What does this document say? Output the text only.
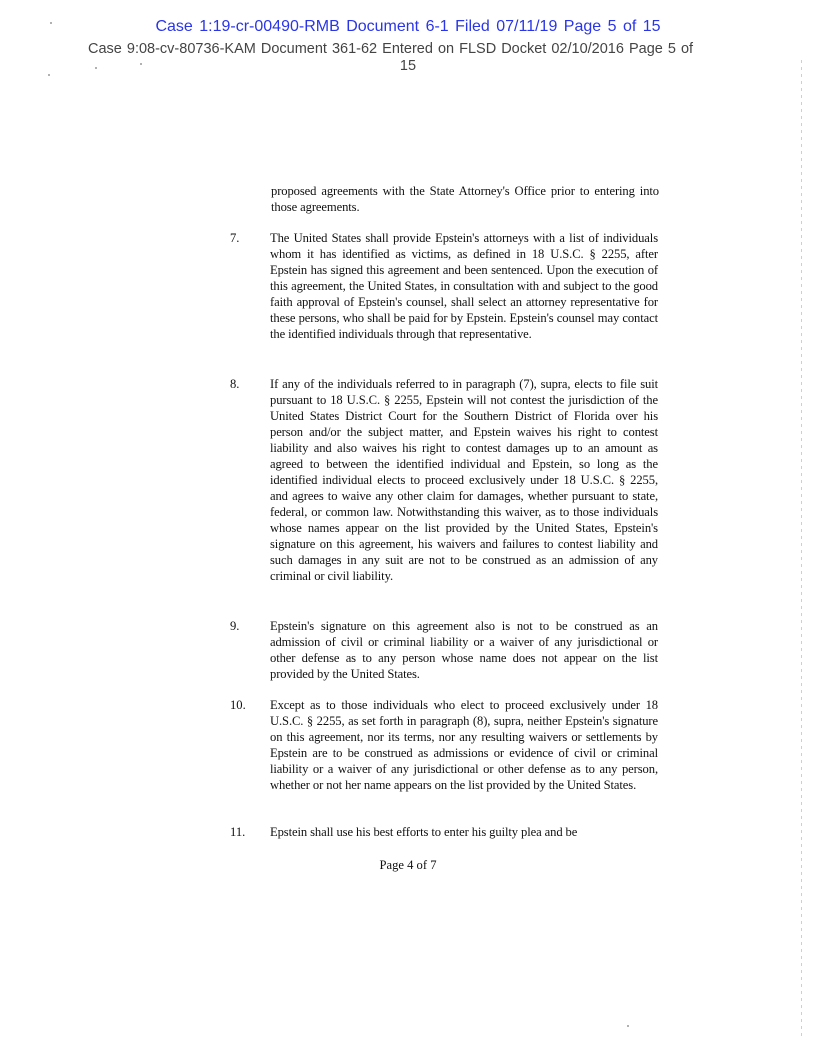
Case 1:19-cr-00490-RMB Document 6-1 Filed 07/11/19 Page 5 of 15
Case 9:08-cv-80736-KAM Document 361-62 Entered on FLSD Docket 02/10/2016 Page 5 of
15
proposed agreements with the State Attorney's Office prior to entering into those agreements.
7.	The United States shall provide Epstein's attorneys with a list of individuals whom it has identified as victims, as defined in 18 U.S.C. § 2255, after Epstein has signed this agreement and been sentenced. Upon the execution of this agreement, the United States, in consultation with and subject to the good faith approval of Epstein's counsel, shall select an attorney representative for these persons, who shall be paid for by Epstein. Epstein's counsel may contact the identified individuals through that representative.
8.	If any of the individuals referred to in paragraph (7), supra, elects to file suit pursuant to 18 U.S.C. § 2255, Epstein will not contest the jurisdiction of the United States District Court for the Southern District of Florida over his person and/or the subject matter, and Epstein waives his right to contest liability and also waives his right to contest damages up to an amount as agreed to between the identified individual and Epstein, so long as the identified individual elects to proceed exclusively under 18 U.S.C. § 2255, and agrees to waive any other claim for damages, whether pursuant to state, federal, or common law. Notwithstanding this waiver, as to those individuals whose names appear on the list provided by the United States, Epstein's signature on this agreement, his waivers and failures to contest liability and such damages in any suit are not to be construed as an admission of any criminal or civil liability.
9.	Epstein's signature on this agreement also is not to be construed as an admission of civil or criminal liability or a waiver of any jurisdictional or other defense as to any person whose name does not appear on the list provided by the United States.
10.	Except as to those individuals who elect to proceed exclusively under 18 U.S.C. § 2255, as set forth in paragraph (8), supra, neither Epstein's signature on this agreement, nor its terms, nor any resulting waivers or settlements by Epstein are to be construed as admissions or evidence of civil or criminal liability or a waiver of any jurisdictional or other defense as to any person, whether or not her name appears on the list provided by the United States.
11.	Epstein shall use his best efforts to enter his guilty plea and be
Page 4 of 7
